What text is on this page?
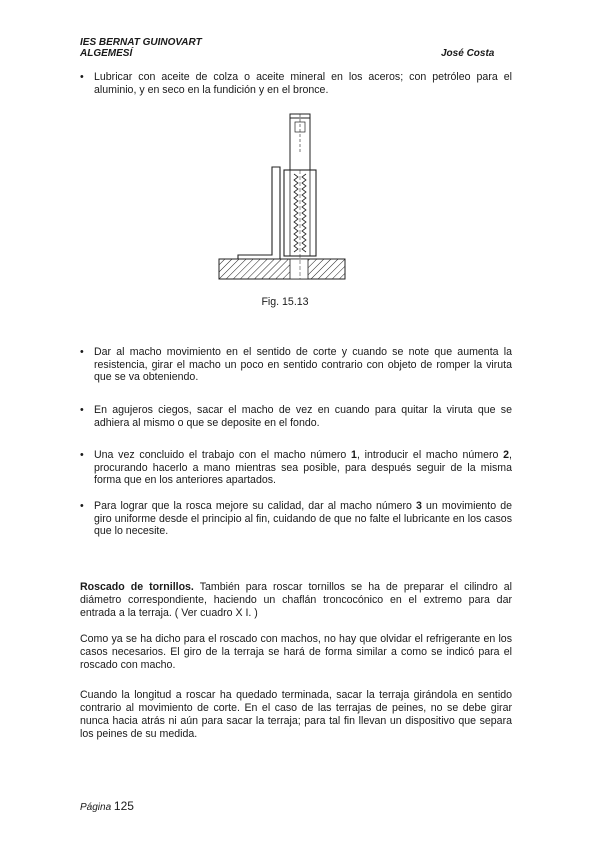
IES BERNAT GUINOVART
ALGEMESÍ	José Costa
• Lubricar con aceite de colza o aceite mineral en los aceros; con petróleo para el aluminio, y en seco en la fundición y en el bronce.
Fig. 15.13
• Dar al macho movimiento en el sentido de corte y cuando se note que aumenta la resistencia, girar el macho un poco en sentido contrario con objeto de romper la viruta que se va obteniendo.
• En agujeros ciegos, sacar el macho de vez en cuando para quitar la viruta que se adhiera al mismo o que se deposite en el fondo.
• Una vez concluido el trabajo con el macho número 1, introducir el macho número 2, procurando hacerlo a mano mientras sea posible, para después seguir de la misma forma que en los anteriores apartados.
• Para lograr que la rosca mejore su calidad, dar al macho número 3 un movimiento de giro uniforme desde el principio al fin, cuidando de que no falte el lubricante en los casos que lo necesite.
Roscado de tornillos. También para roscar tornillos se ha de preparar el cilindro al diámetro correspondiente, haciendo un chaflán troncocónico en el extremo para dar entrada a la terraja. ( Ver cuadro X I. )
Como ya se ha dicho para el roscado con machos, no hay que olvidar el refrigerante en los casos necesarios. El giro de la terraja se hará de forma similar a como se indicó para el roscado con macho.
Cuando la longitud a roscar ha quedado terminada, sacar la terraja girándola en sentido contrario al movimiento de corte. En el caso de las terrajas de peines, no se debe girar nunca hacia atrás ni aún para sacar la terraja; para tal fin llevan un dispositivo que separa los peines de su medida.
Página 125
